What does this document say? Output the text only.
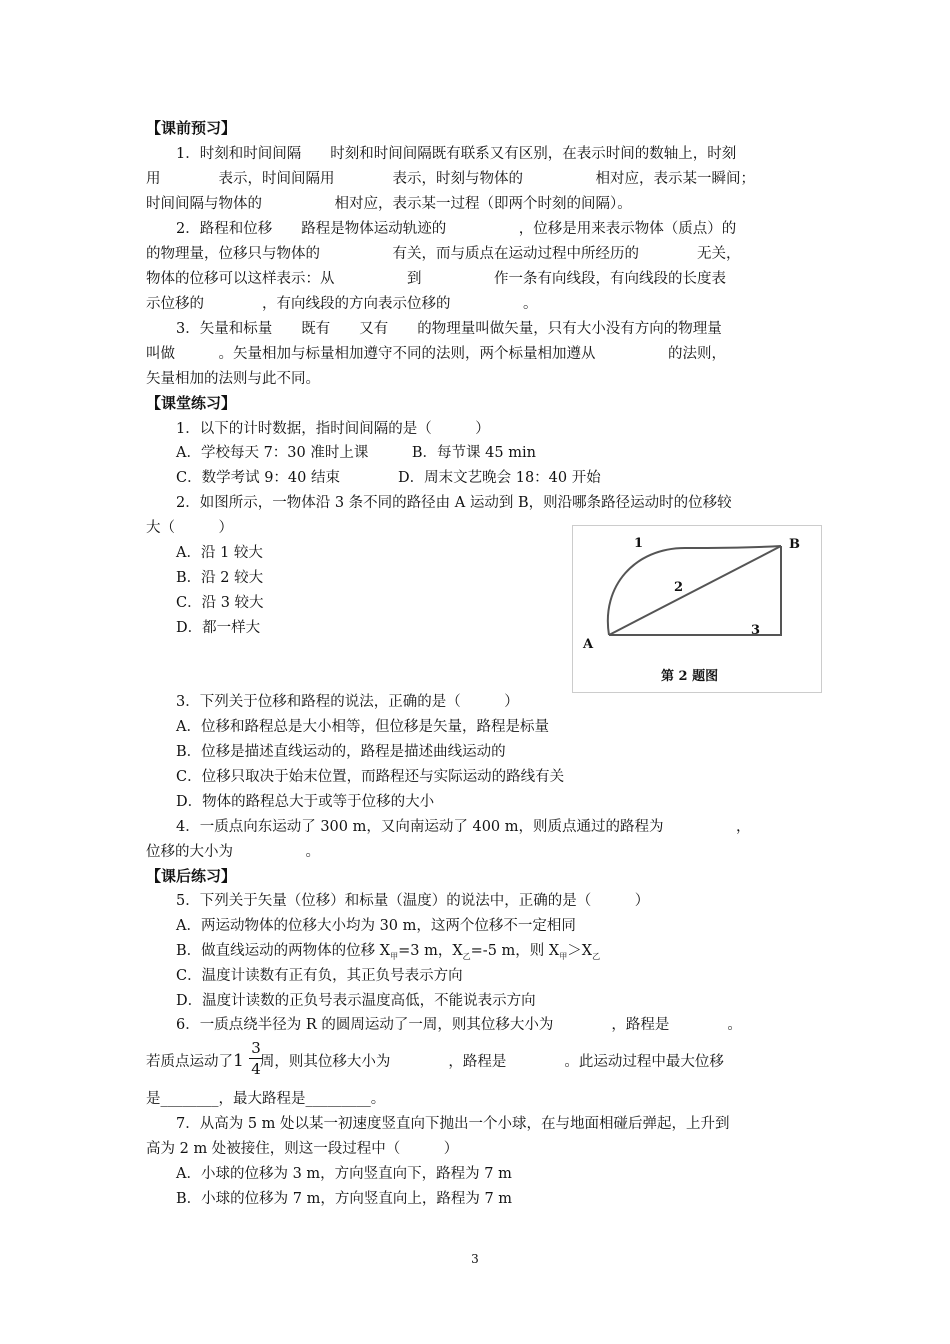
【课前预习】
1．时刻和时间间隔　　时刻和时间间隔既有联系又有区别，在表示时间的数轴上，时刻
用　　　　表示，时间间隔用　　　　表示，时刻与物体的　　　　　相对应，表示某一瞬间；
时间间隔与物体的　　　　　相对应，表示某一过程（即两个时刻的间隔）。
2．路程和位移　　路程是物体运动轨迹的　　　　　，位移是用来表示物体（质点）的
的物理量，位移只与物体的　　　　　有关，而与质点在运动过程中所经历的　　　　无关，
物体的位移可以这样表示：从　　　　　到　　　　　作一条有向线段，有向线段的长度表
示位移的　　　　，有向线段的方向表示位移的　　　　　。
3．矢量和标量　　既有　　又有　　的物理量叫做矢量，只有大小没有方向的物理量
叫做　　　。矢量相加与标量相加遵守不同的法则，两个标量相加遵从　　　　　的法则，
矢量相加的法则与此不同。
【课堂练习】
1．以下的计时数据，指时间间隔的是（　　　）
A．学校每天 7：30 准时上课　　　B．每节课 45 min
C．数学考试 9：40 结束　　　　D．周末文艺晚会 18：40 开始
2．如图所示，一物体沿 3 条不同的路径由 A 运动到 B，则沿哪条路径运动时的位移较
大（　　　）
A．沿 1 较大
B．沿 2 较大
C．沿 3 较大
D．都一样大
1
2
3
A
B
第 2 题图
3．下列关于位移和路程的说法，正确的是（　　　）
A．位移和路程总是大小相等，但位移是矢量，路程是标量
B．位移是描述直线运动的，路程是描述曲线运动的
C．位移只取决于始末位置，而路程还与实际运动的路线有关
D．物体的路程总大于或等于位移的大小
4．一质点向东运动了 300 m，又向南运动了 400 m，则质点通过的路程为　　　　　，
位移的大小为　　　　　。
【课后练习】
5．下列关于矢量（位移）和标量（温度）的说法中，正确的是（　　　）
A．两运动物体的位移大小均为 30 m，这两个位移不一定相同
B．做直线运动的两物体的位移 $X_甲=3$ m，$X_乙=-5$ m，则 $X_甲>X_乙$
C．温度计读数有正有负，其正负号表示方向
D．温度计读数的正负号表示温度高低，不能说表示方向
6．一质点绕半径为 R 的圆周运动了一周，则其位移大小为　　　　，路程是　　　　。
若质点运动了1 周，则其位移大小为　　　　，路程是　　　　。此运动过程中最大位移
$\frac{3}{4}$
是________，最大路程是_________。
7．从高为 5 m 处以某一初速度竖直向下抛出一个小球，在与地面相碰后弹起，上升到
高为 2 m 处被接住，则这一段过程中（　　　）
A．小球的位移为 3 m，方向竖直向下，路程为 7 m
B．小球的位移为 7 m，方向竖直向上，路程为 7 m
3
